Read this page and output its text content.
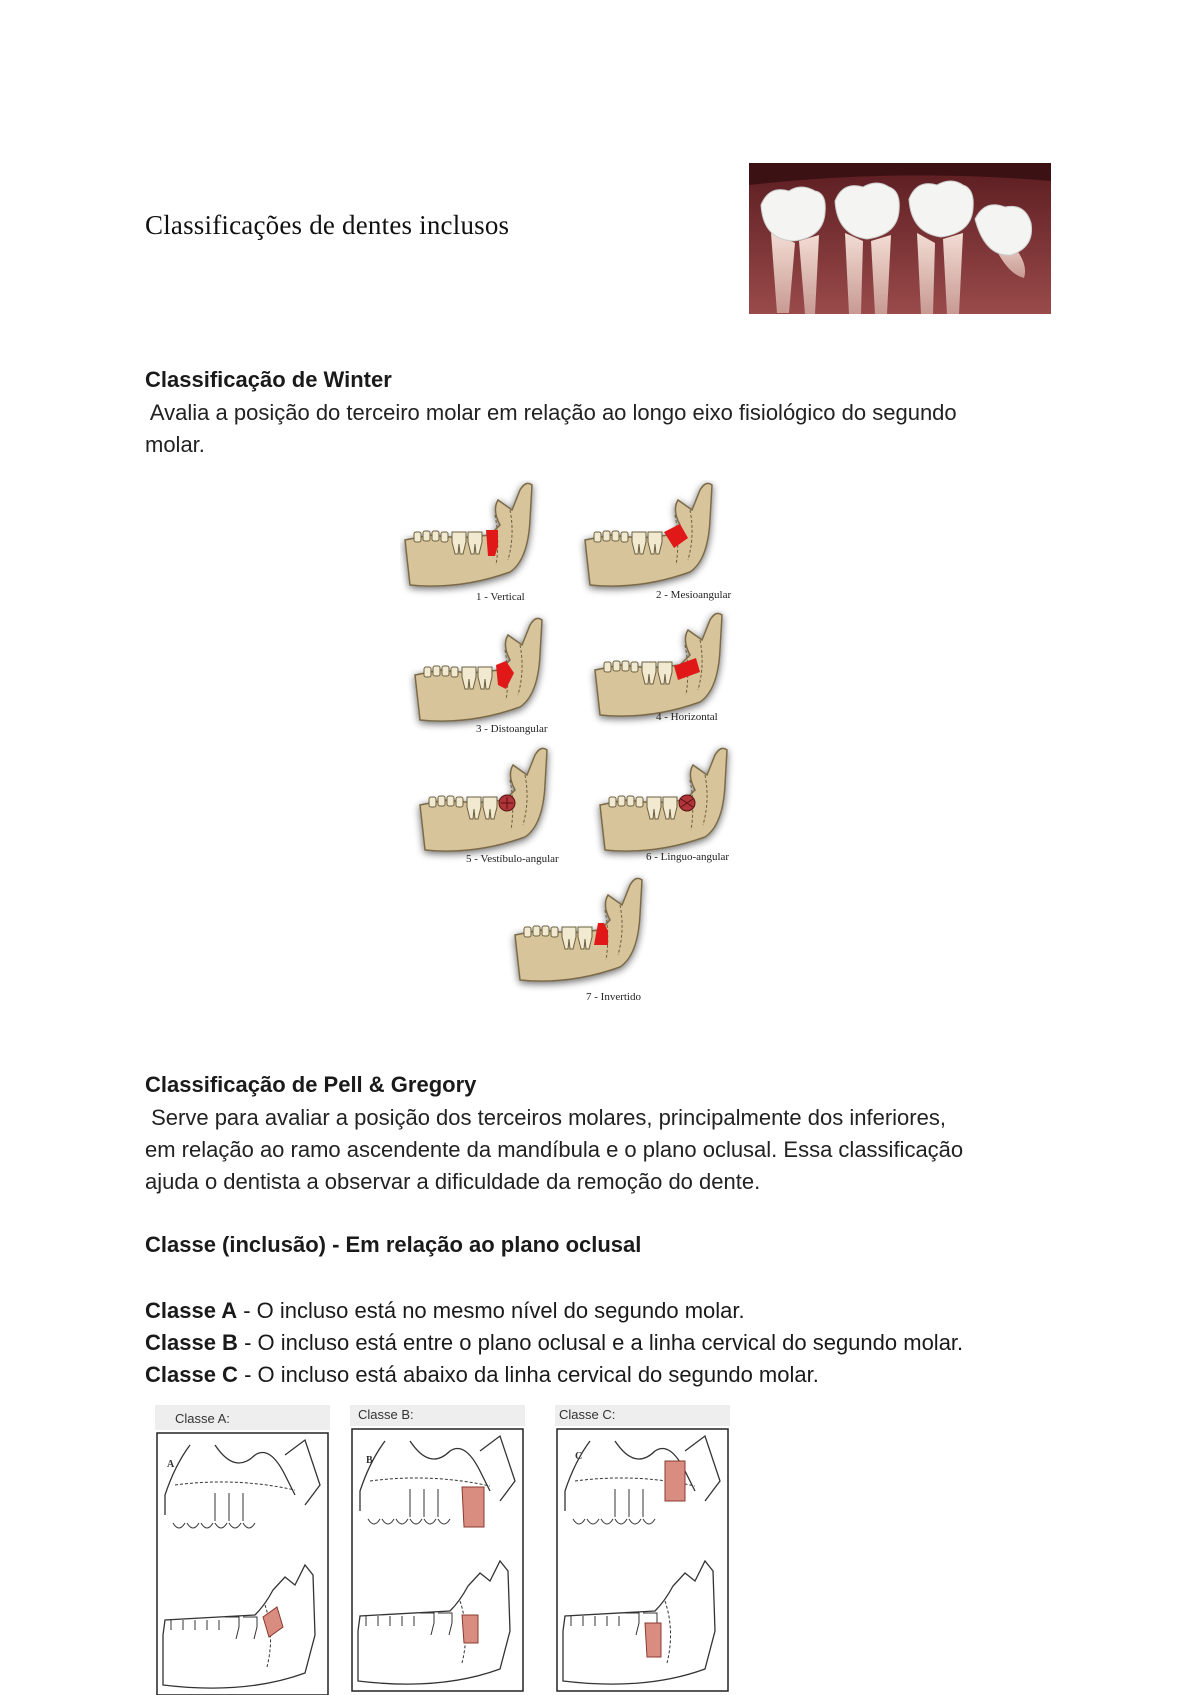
Classificações de dentes inclusos
Classificação de Winter
Avalia a posição do terceiro molar em relação ao longo eixo fisiológico do segundo
molar.
1 - Vertical	2 - Mesioangular
3 - Distoangular
4 - Horizontal
5 - Vestíbulo-angular	6 - Linguo-angular
7 - Invertido
Classificação de Pell & Gregory
Serve para avaliar a posição dos terceiros molares, principalmente dos inferiores,
em relação ao ramo ascendente da mandíbula e o plano oclusal. Essa classificação
ajuda o dentista a observar a dificuldade da remoção do dente.
Classe (inclusão) - Em relação ao plano oclusal
Classe A - O incluso está no mesmo nível do segundo molar.
Classe B - O incluso está entre o plano oclusal e a linha cervical do segundo molar.
Classe C - O incluso está abaixo da linha cervical do segundo molar.
Classe A:
A
Classe B:
B
Classe C:
C
